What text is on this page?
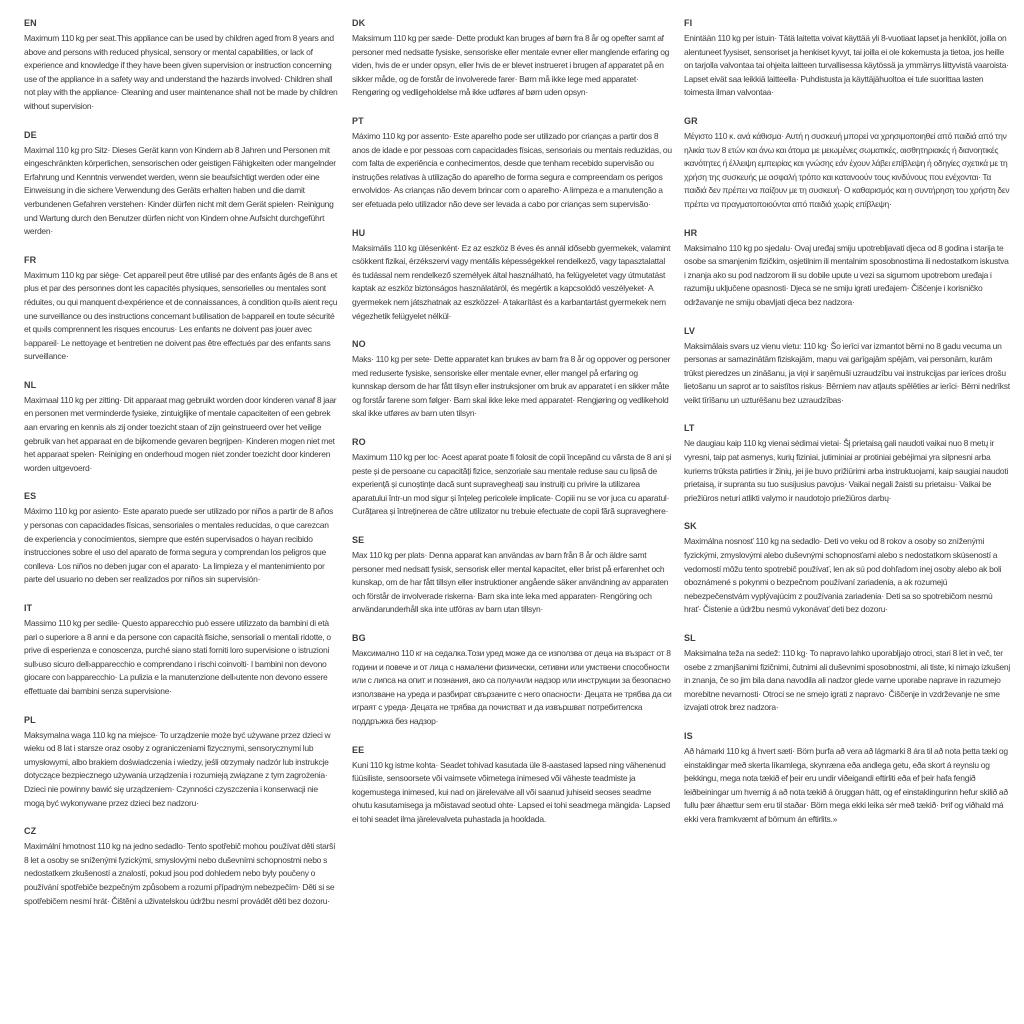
EN

Maximum 110 kg per seat.This appliance can be used by children aged from 8 years and above and persons with reduced physical, sensory or mental capabilities, or lack of experience and knowledge if they have been given supervision or instruction concerning use of the appliance in a safety way and understand the hazards involved· Children shall not play with the appliance· Cleaning and user maintenance shall not be made by children without supervision·

DE

Maximal 110 kg pro Sitz· Dieses Gerät kann von Kindern ab 8 Jahren und Personen mit eingeschränkten körperlichen, sensorischen oder geistigen Fähigkeiten oder mangelnder Erfahrung und Kenntnis verwendet werden, wenn sie beaufsichtigt werden oder eine Einweisung in die sichere Verwendung des Geräts erhalten haben und die damit verbundenen Gefahren verstehen· Kinder dürfen nicht mit dem Gerät spielen· Reinigung und Wartung durch den Benutzer dürfen nicht von Kindern ohne Aufsicht durchgeführt werden·

FR

Maximum 110 kg par siège· Cet appareil peut être utilisé par des enfants âgés de 8 ans et plus et par des personnes dont les capacités physiques, sensorielles ou mentales sont réduites, ou qui manquent d›expérience et de connaissances, à condition qu›ils aient reçu une surveillance ou des instructions concernant l›utilisation de l›appareil en toute sécurité et qu›ils comprennent les risques encourus· Les enfants ne doivent pas jouer avec l›appareil· Le nettoyage et l›entretien ne doivent pas être effectués par des enfants sans surveillance·

NL

Maximaal 110 kg per zitting· Dit apparaat mag gebruikt worden door kinderen vanaf 8 jaar en personen met verminderde fysieke, zintuiglijke of mentale capaciteiten of een gebrek aan ervaring en kennis als zij onder toezicht staan of zijn geinstrueerd over het veilige gebruik van het apparaat en de bijkomende gevaren begrijpen· Kinderen mogen niet met het apparaat spelen· Reiniging en onderhoud mogen niet zonder toezicht door kinderen worden uitgevoerd·

ES

Máximo 110 kg por asiento· Este aparato puede ser utilizado por niños a partir de 8 años y personas con capacidades físicas, sensoriales o mentales reducidas, o que carezcan de experiencia y conocimientos, siempre que estén supervisados o hayan recibido instrucciones sobre el uso del aparato de forma segura y comprendan los peligros que conlleva· Los niños no deben jugar con el aparato· La limpieza y el mantenimiento por parte del usuario no deben ser realizados por niños sin supervisión·

IT

Massimo 110 kg per sedile· Questo apparecchio può essere utilizzato da bambini di età pari o superiore a 8 anni e da persone con capacità fisiche, sensoriali o mentali ridotte, o prive di esperienza e conoscenza, purché siano stati forniti loro supervisione o istruzioni sull›uso sicuro dell›apparecchio e comprendano i rischi coinvolti· I bambini non devono giocare con l›apparecchio· La pulizia e la manutenzione dell›utente non devono essere effettuate dai bambini senza supervisione·

PL

Maksymalna waga 110 kg na miejsce· To urządzenie może być używane przez dzieci w wieku od 8 lat i starsze oraz osoby z ograniczeniami fizycznymi, sensorycznymi lub umysłowymi, albo brakiem doświadczenia i wiedzy, jeśli otrzymały nadzór lub instrukcje dotyczące bezpiecznego używania urządzenia i rozumieją związane z tym zagrożenia· Dzieci nie powinny bawić się urządzeniem· Czynności czyszczenia i konserwacji nie mogą być wykonywane przez dzieci bez nadzoru·

CZ

Maximální hmotnost 110 kg na jedno sedadlo· Tento spotřebič mohou používat děti starší 8 let a osoby se sníženými fyzickými, smyslovými nebo duševními schopnostmi nebo s nedostatkem zkušeností a znalostí, pokud jsou pod dohledem nebo byly poučeny o používání spotřebiče bezpečným způsobem a rozumí případným nebezpečím· Děti si se spotřebičem nesmí hrát· Čištění a uživatelskou údržbu nesmí provádět děti bez dozoru·

DK

Maksimum 110 kg per sæde· Dette produkt kan bruges af børn fra 8 år og opefter samt af personer med nedsatte fysiske, sensoriske eller mentale evner eller manglende erfaring og viden, hvis de er under opsyn, eller hvis de er blevet instrueret i brugen af apparatet på en sikker måde, og de forstår de involverede farer· Børn må ikke lege med apparatet· Rengøring og vedligeholdelse må ikke udføres af børn uden opsyn·

PT

Máximo 110 kg por assento· Este aparelho pode ser utilizado por crianças a partir dos 8 anos de idade e por pessoas com capacidades físicas, sensoriais ou mentais reduzidas, ou com falta de experiência e conhecimentos, desde que tenham recebido supervisão ou instruções relativas à utilização do aparelho de forma segura e compreendam os perigos envolvidos· As crianças não devem brincar com o aparelho· A limpeza e a manutenção a ser efetuada pelo utilizador não deve ser levada a cabo por crianças sem supervisão·

HU

Maksimális 110 kg ülésenként· Ez az eszköz 8 éves és annál idősebb gyermekek, valamint csökkent fizikai, érzékszervi vagy mentális képességekkel rendelkező, vagy tapasztalattal és tudással nem rendelkező személyek által használható, ha felügyeletet vagy útmutatást kaptak az eszköz biztonságos használatáról, és megértik a kapcsolódó veszélyeket· A gyermekek nem játszhatnak az eszközzel· A takarítást és a karbantartást gyermekek nem végezhetik felügyelet nélkül·

NO

Maks· 110 kg per sete· Dette apparatet kan brukes av barn fra 8 år og oppover og personer med reduserte fysiske, sensoriske eller mentale evner, eller mangel på erfaring og kunnskap dersom de har fått tilsyn eller instruksjoner om bruk av apparatet i en sikker måte og forstår farene som følger· Barn skal ikke leke med apparatet· Rengjøring og vedlikehold skal ikke utføres av barn uten tilsyn·

RO

Maximum 110 kg per loc· Acest aparat poate fi folosit de copii începând cu vârsta de 8 ani și peste și de persoane cu capacități fizice, senzoriale sau mentale reduse sau cu lipsă de experiență și cunoștințe dacă sunt supravegheați sau instruiți cu privire la utilizarea aparatului într-un mod sigur și înțeleg pericolele implicate· Copiii nu se vor juca cu aparatul· Curățarea și întreținerea de către utilizator nu trebuie efectuate de copii fără supraveghere·

SE

Max 110 kg per plats· Denna apparat kan användas av barn från 8 år och äldre samt personer med nedsatt fysisk, sensorisk eller mental kapacitet, eller brist på erfarenhet och kunskap, om de har fått tillsyn eller instruktioner angående säker användning av apparaten och förstår de involverade riskerna· Barn ska inte leka med apparaten· Rengöring och användarunderhåll ska inte utföras av barn utan tillsyn·

BG

Максимално 110 кг на седалка.Този уред може да се използва от деца на възраст от 8 години и повече и от лица с намалени физически, сетивни или умствени способности или с липса на опит и познания, ако са получили надзор или инструкции за безопасно използване на уреда и разбират свързаните с него опасности· Децата не трябва да си играят с уреда· Децата не трябва да почистват и да извършват потребителска поддръжка без надзор·

EE

Kuni 110 kg istme kohta· Seadet tohivad kasutada üle 8-aastased lapsed ning vähenenud füüsiliste, sensoorsete või vaimsete võimetega inimesed või väheste teadmiste ja kogemustega inimesed, kui nad on järelevalve all või saanud juhiseid seoses seadme ohutu kasutamisega ja mõistavad seotud ohte· Lapsed ei tohi seadmega mängida· Lapsed ei tohi seadet ilma järelevalveta puhastada ja hooldada.

FI

Enintään 110 kg per istuin· Tätä laitetta voivat käyttää yli 8-vuotiaat lapset ja henkilöt, joilla on alentuneet fyysiset, sensoriset ja henkiset kyvyt, tai joilla ei ole kokemusta ja tietoa, jos heille on tarjolla valvontaa tai ohjeita laitteen turvallisessa käytössä ja ymmärrys liittyvistä vaaroista· Lapset eivät saa leikkiä laitteella· Puhdistusta ja käyttäjähuoltoa ei tule suorittaa lasten toimesta ilman valvontaa·

GR

Μέγιστο 110 κ. ανά κάθισμα· Αυτή η συσκευή μπορεί να χρησιμοποιηθεί από παιδιά από την ηλικία των 8 ετών και άνω και άτομα με μειωμένες σωματικές, αισθητηριακές ή διανοητικές ικανότητες ή έλλειψη εμπειρίας και γνώσης εάν έχουν λάβει επίβλεψη ή οδηγίες σχετικά με τη χρήση της συσκευής με ασφαλή τρόπο και κατανοούν τους κινδύνους που ενέχονται· Τα παιδιά δεν πρέπει να παίζουν με τη συσκευή· Ο καθαρισμός και η συντήρηση του χρήστη δεν πρέπει να πραγματοποιούνται από παιδιά χωρίς επίβλεψη·

HR

Maksimalno 110 kg po sjedalu· Ovaj uređaj smiju upotrebljavati djeca od 8 godina i starija te osobe sa smanjenim fizičkim, osjetilnim ili mentalnim sposobnostima ili nedostatkom iskustva i znanja ako su pod nadzorom ili su dobile upute u vezi sa sigurnom upotrebom uređaja i razumiju uključene opasnosti· Djeca se ne smiju igrati uređajem· Čišćenje i korisničko održavanje ne smiju obavljati djeca bez nadzora·

LV

Maksimālais svars uz vienu vietu: 110 kg· Šo ierīci var izmantot bērni no 8 gadu vecuma un personas ar samazinātām fiziskajām, maņu vai garīgajām spējām, vai personām, kurām trūkst pieredzes un zināšanu, ja viņi ir saņēmuši uzraudzību vai instrukcijas par ierīces drošu lietošanu un saprot ar to saistītos riskus· Bērniem nav atļauts spēlēties ar ierīci· Bērni nedrīkst veikt tīrīšanu un uzturēšanu bez uzraudzības·

LT

Ne daugiau kaip 110 kg vienai sėdimai vietai· Šį prietaisą gali naudoti vaikai nuo 8 metų ir vyresni, taip pat asmenys, kurių fiziniai, jutiminiai ar protiniai gebėjimai yra silpnesni arba kuriems trūksta patirties ir žinių, jei jie buvo prižiūrimi arba instruktuojami, kaip saugiai naudoti prietaisą, ir supranta su tuo susijusius pavojus· Vaikai negali žaisti su prietaisu· Vaikai be priežiūros neturi atlikti valymo ir naudotojo priežiūros darbų·

SK

Maximálna nosnosť 110 kg na sedadlo· Deti vo veku od 8 rokov a osoby so zníženými fyzickými, zmyslovými alebo duševnými schopnosťami alebo s nedostatkom skúseností a vedomostí môžu tento spotrebič používať, len ak sú pod dohľadom inej osoby alebo ak boli oboznámené s pokynmi o bezpečnom používaní zariadenia, a ak rozumejú nebezpečenstvám vyplývajúcim z používania zariadenia· Deti sa so spotrebičom nesmú hrať· Čistenie a údržbu nesmú vykonávať deti bez dozoru·

SL

Maksimalna teža na sedež: 110 kg· To napravo lahko uporabljajo otroci, stari 8 let in več, ter osebe z zmanjšanimi fizičnimi, čutnimi ali duševnimi sposobnostmi, ali tiste, ki nimajo izkušenj in znanja, če so jim bila dana navodila ali nadzor glede varne uporabe naprave in razumejo morebitne nevarnosti· Otroci se ne smejo igrati z napravo· Čiščenje in vzdrževanje ne sme izvajati otrok brez nadzora·

IS

Að hámarki 110 kg á hvert sæti· Börn þurfa að vera að lágmarki 8 ára til að nota þetta tæki og einstaklingar með skerta líkamlega, skynræna eða andlega getu, eða skort á reynslu og þekkingu, mega nota tækið ef þeir eru undir viðeigandi eftirliti eða ef þeir hafa fengið leiðbeiningar um hvernig á að nota tækið á öruggan hátt, og ef einstaklingurinn hefur skilið að fullu þær áhættur sem eru til staðar· Börn mega ekki leika sér með tækið· Þrif og viðhald má ekki vera framkvæmt af börnum án eftirlits.»
